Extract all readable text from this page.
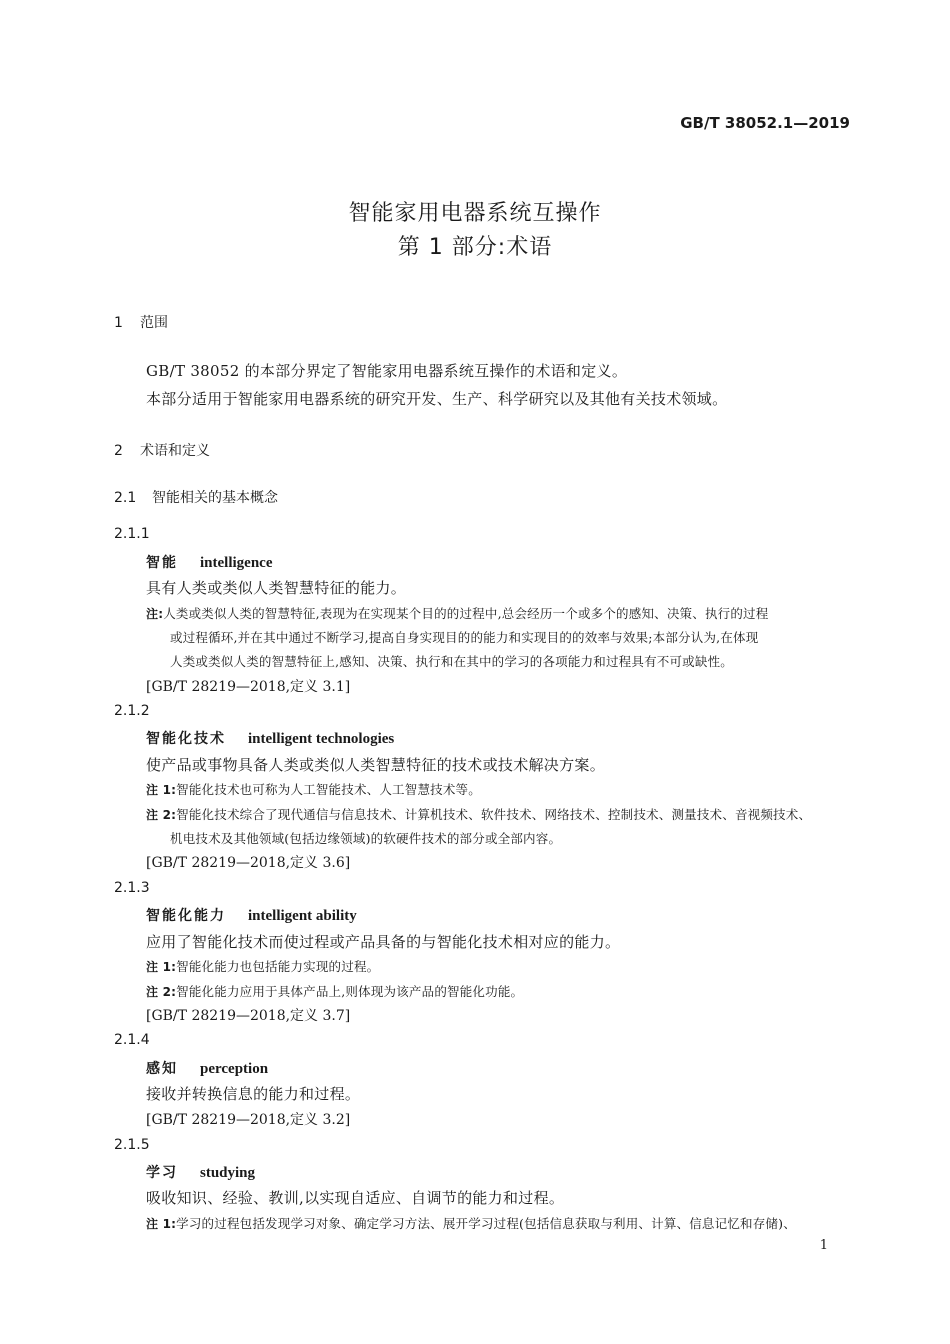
GB/T 38052.1—2019
智能家用电器系统互操作
第 1 部分:术语
1 范围
GB/T 38052 的本部分界定了智能家用电器系统互操作的术语和定义。
本部分适用于智能家用电器系统的研究开发、生产、科学研究以及其他有关技术领域。
2 术语和定义
2.1 智能相关的基本概念
2.1.1
智能 intelligence
具有人类或类似人类智慧特征的能力。
注:人类或类似人类的智慧特征,表现为在实现某个目的的过程中,总会经历一个或多个的感知、决策、执行的过程
或过程循环,并在其中通过不断学习,提高自身实现目的的能力和实现目的的效率与效果;本部分认为,在体现
人类或类似人类的智慧特征上,感知、决策、执行和在其中的学习的各项能力和过程具有不可或缺性。
[GB/T 28219—2018,定义 3.1]
2.1.2
智能化技术 intelligent technologies
使产品或事物具备人类或类似人类智慧特征的技术或技术解决方案。
注 1:智能化技术也可称为人工智能技术、人工智慧技术等。
注 2:智能化技术综合了现代通信与信息技术、计算机技术、软件技术、网络技术、控制技术、测量技术、音视频技术、
机电技术及其他领域(包括边缘领域)的软硬件技术的部分或全部内容。
[GB/T 28219—2018,定义 3.6]
2.1.3
智能化能力 intelligent ability
应用了智能化技术而使过程或产品具备的与智能化技术相对应的能力。
注 1:智能化能力也包括能力实现的过程。
注 2:智能化能力应用于具体产品上,则体现为该产品的智能化功能。
[GB/T 28219—2018,定义 3.7]
2.1.4
感知 perception
接收并转换信息的能力和过程。
[GB/T 28219—2018,定义 3.2]
2.1.5
学习 studying
吸收知识、经验、教训,以实现自适应、自调节的能力和过程。
注 1:学习的过程包括发现学习对象、确定学习方法、展开学习过程(包括信息获取与利用、计算、信息记忆和存储)、
1
